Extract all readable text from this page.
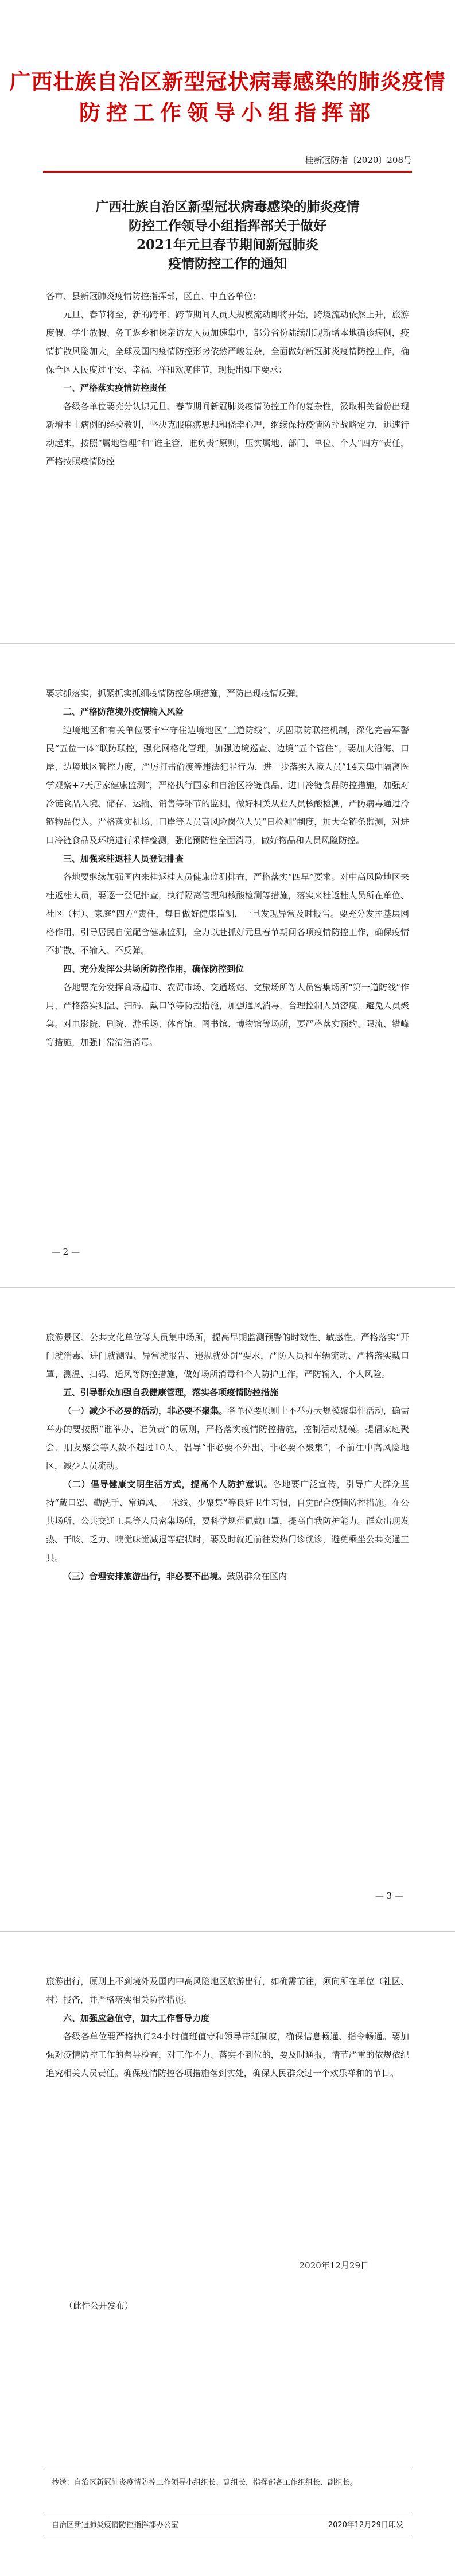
广西壮族自治区新型冠状病毒感染的肺炎疫情
防控工作领导小组指挥部
桂新冠防指〔2020〕208号
广西壮族自治区新型冠状病毒感染的肺炎疫情
防控工作领导小组指挥部关于做好
2021年元旦春节期间新冠肺炎
疫情防控工作的通知

各市、县新冠肺炎疫情防控指挥部，区直、中直各单位：

元旦、春节将至，新的跨年、跨节期间人员大规模流动即将开始，跨境流动依然上升，旅游度假、学生放假、务工返乡和探亲访友人员加速集中，部分省份陆续出现新增本地确诊病例，疫情扩散风险加大，全球及国内疫情防控形势依然严峻复杂，全面做好新冠肺炎疫情防控工作，确保全区人民度过平安、幸福、祥和欢度佳节，现提出如下要求：

一、严格落实疫情防控责任

各级各单位要充分认识元旦、春节期间新冠肺炎疫情防控工作的复杂性，汲取相关省份出现新增本土病例的经验教训，坚决克服麻痹思想和侥幸心理，继续保持疫情防控战略定力，迅速行动起来，按照“属地管理”和“谁主管、谁负责”原则，压实属地、部门、单位、个人“四方”责任，严格按照疫情防控

要求抓落实，抓紧抓实抓细疫情防控各项措施，严防出现疫情反弹。

二、严格防范境外疫情输入风险

边境地区和有关单位要牢牢守住边境地区“三道防线”，巩固联防联控机制，深化完善军警民“五位一体”联防联控，强化网格化管理，加强边境巡查、边境“五个管住”，要加大沿海、口岸、边境地区管控力度，严厉打击偷渡等违法犯罪行为，进一步落实入境人员“14天集中隔离医学观察+7天居家健康监测”，严格执行国家和自治区冷链食品、进口冷链食品防控措施，加强对冷链食品入境、储存、运输、销售等环节的监测，做好相关从业人员核酸检测，严防病毒通过冷链物品传入。严格落实机场、口岸等人员高风险岗位人员“日检测”制度，加大全链条监测，对进口冷链食品及环境进行采样检测，强化预防性全面消毒，做好物品和人员风险防控。

三、加强来桂返桂人员登记排查

各地要继续加强国内来桂返桂人员健康监测排查，严格落实“四早”要求。对中高风险地区来桂返桂人员，要逐一登记排查，执行隔离管理和核酸检测等措施，落实来桂返桂人员所在单位、社区（村）、家庭“四方”责任，每日做好健康监测，一旦发现异常及时报告。要充分发挥基层网格作用，引导居民自觉配合健康监测，全力以赴抓好元旦春节期间各项疫情防控工作，确保疫情不扩散、不输入、不反弹。

四、充分发挥公共场所防控作用，确保防控到位

各地要充分发挥商场超市、农贸市场、交通场站、文旅场所等人员密集场所“第一道防线”作用，严格落实测温、扫码、戴口罩等防控措施，加强通风消毒，合理控制人员密度，避免人员聚集。对电影院、剧院、游乐场、体育馆、图书馆、博物馆等场所，要严格落实预约、限流、错峰等措施，加强日常清洁消毒。

— 2 —

旅游景区、公共文化单位等人员集中场所，提高早期监测预警的时效性、敏感性。严格落实“开门就消毒、进门就测温、异常就报告、违规就处罚”要求，严防人员和车辆流动、严格落实戴口罩、测温、扫码、通风等防控措施，做好场所消毒和个人防护工作，严防输入、个人风险。

五、引导群众加强自我健康管理，落实各项疫情防控措施

（一）减少不必要的活动，非必要不聚集。各单位要原则上不举办大规模聚集性活动，确需举办的要按照“谁举办、谁负责”的原则，严格落实疫情防控措施，控制活动规模。提倡家庭聚会、朋友聚会等人数不超过10人，倡导“非必要不外出、非必要不聚集”，不前往中高风险地区，减少人员流动。

（二）倡导健康文明生活方式，提高个人防护意识。各地要广泛宣传，引导广大群众坚持“戴口罩、勤洗手、常通风、一米线、少聚集”等良好卫生习惯，自觉配合疫情防控措施。在公共场所、公共交通工具等人员密集场所，要科学规范佩戴口罩，提高自我防护能力。群众出现发热、干咳、乏力、嗅觉味觉减退等症状时，要及时就近前往发热门诊就诊，避免乘坐公共交通工具。

（三）合理安排旅游出行，非必要不出境。鼓励群众在区内

— 3 —

旅游出行，原则上不到境外及国内中高风险地区旅游出行，如确需前往，须向所在单位（社区、村）报备，并严格落实相关防控措施。

六、加强应急值守，加大工作督导力度

各级各单位要严格执行24小时值班值守和领导带班制度，确保信息畅通、指令畅通。要加强对疫情防控工作的督导检查，对工作不力、落实不到位的，要及时通报，情节严重的依规依纪追究相关人员责任。确保疫情防控各项措施落到实处，确保人民群众过一个欢乐祥和的节日。

2020年12月29日
（此件公开发布）
抄送：自治区新冠肺炎疫情防控工作领导小组组长、副组长，指挥部各工作组组长、副组长。
自治区新冠肺炎疫情防控指挥部办公室	2020年12月29日印发
